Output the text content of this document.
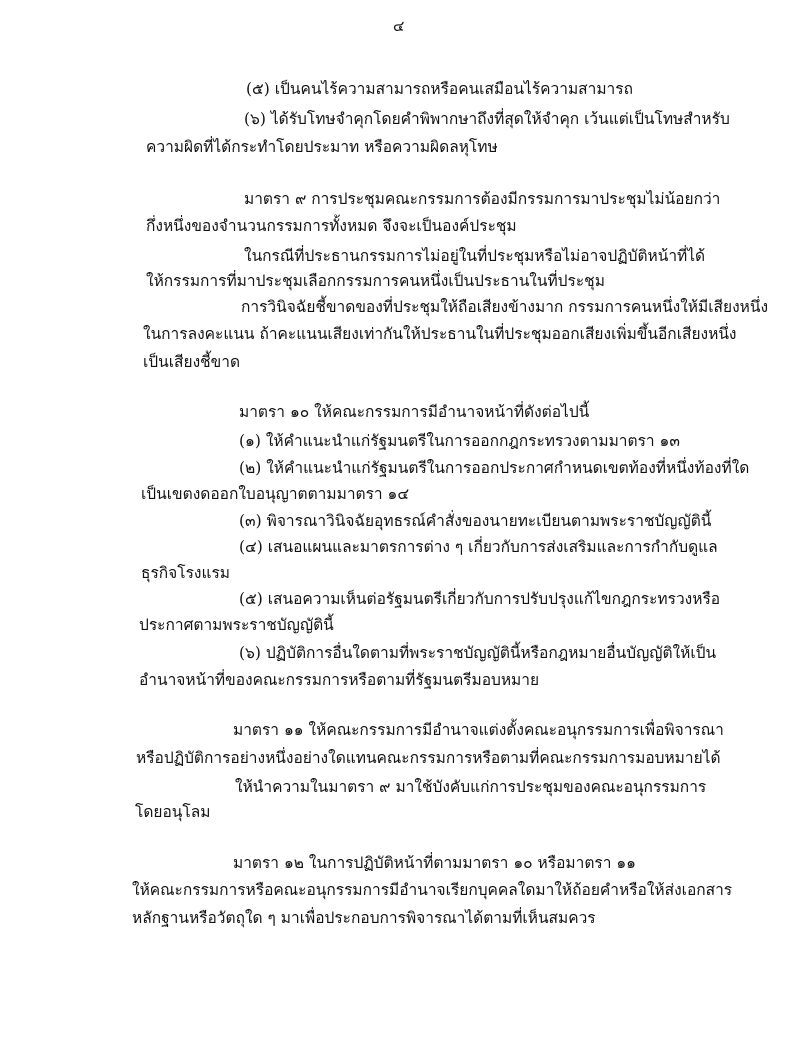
๔
(๕) เป็นคนไร้ความสามารถหรือคนเสมือนไร้ความสามารถ
(๖) ได้รับโทษจำคุกโดยคำพิพากษาถึงที่สุดให้จำคุก เว้นแต่เป็นโทษสำหรับ
ความผิดที่ได้กระทำโดยประมาท หรือความผิดลหุโทษ
มาตรา ๙ การประชุมคณะกรรมการต้องมีกรรมการมาประชุมไม่น้อยกว่า
กึ่งหนึ่งของจำนวนกรรมการทั้งหมด จึงจะเป็นองค์ประชุม
ในกรณีที่ประธานกรรมการไม่อยู่ในที่ประชุมหรือไม่อาจปฏิบัติหน้าที่ได้
ให้กรรมการที่มาประชุมเลือกกรรมการคนหนึ่งเป็นประธานในที่ประชุม
การวินิจฉัยชี้ขาดของที่ประชุมให้ถือเสียงข้างมาก กรรมการคนหนึ่งให้มีเสียงหนึ่ง
ในการลงคะแนน ถ้าคะแนนเสียงเท่ากันให้ประธานในที่ประชุมออกเสียงเพิ่มขึ้นอีกเสียงหนึ่ง
เป็นเสียงชี้ขาด
มาตรา ๑๐ ให้คณะกรรมการมีอำนาจหน้าที่ดังต่อไปนี้
(๑) ให้คำแนะนำแก่รัฐมนตรีในการออกกฎกระทรวงตามมาตรา ๑๓
(๒) ให้คำแนะนำแก่รัฐมนตรีในการออกประกาศกำหนดเขตท้องที่หนึ่งท้องที่ใด
เป็นเขตงดออกใบอนุญาตตามมาตรา ๑๔
(๓) พิจารณาวินิจฉัยอุทธรณ์คำสั่งของนายทะเบียนตามพระราชบัญญัตินี้
(๔) เสนอแผนและมาตรการต่าง ๆ เกี่ยวกับการส่งเสริมและการกำกับดูแล
ธุรกิจโรงแรม
(๕) เสนอความเห็นต่อรัฐมนตรีเกี่ยวกับการปรับปรุงแก้ไขกฎกระทรวงหรือ
ประกาศตามพระราชบัญญัตินี้
(๖) ปฏิบัติการอื่นใดตามที่พระราชบัญญัตินี้หรือกฎหมายอื่นบัญญัติให้เป็น
อำนาจหน้าที่ของคณะกรรมการหรือตามที่รัฐมนตรีมอบหมาย
มาตรา ๑๑ ให้คณะกรรมการมีอำนาจแต่งตั้งคณะอนุกรรมการเพื่อพิจารณา
หรือปฏิบัติการอย่างหนึ่งอย่างใดแทนคณะกรรมการหรือตามที่คณะกรรมการมอบหมายได้
ให้นำความในมาตรา ๙ มาใช้บังคับแก่การประชุมของคณะอนุกรรมการ
โดยอนุโลม
มาตรา ๑๒ ในการปฏิบัติหน้าที่ตามมาตรา ๑๐ หรือมาตรา ๑๑
ให้คณะกรรมการหรือคณะอนุกรรมการมีอำนาจเรียกบุคคลใดมาให้ถ้อยคำหรือให้ส่งเอกสาร
หลักฐานหรือวัตถุใด ๆ มาเพื่อประกอบการพิจารณาได้ตามที่เห็นสมควร
